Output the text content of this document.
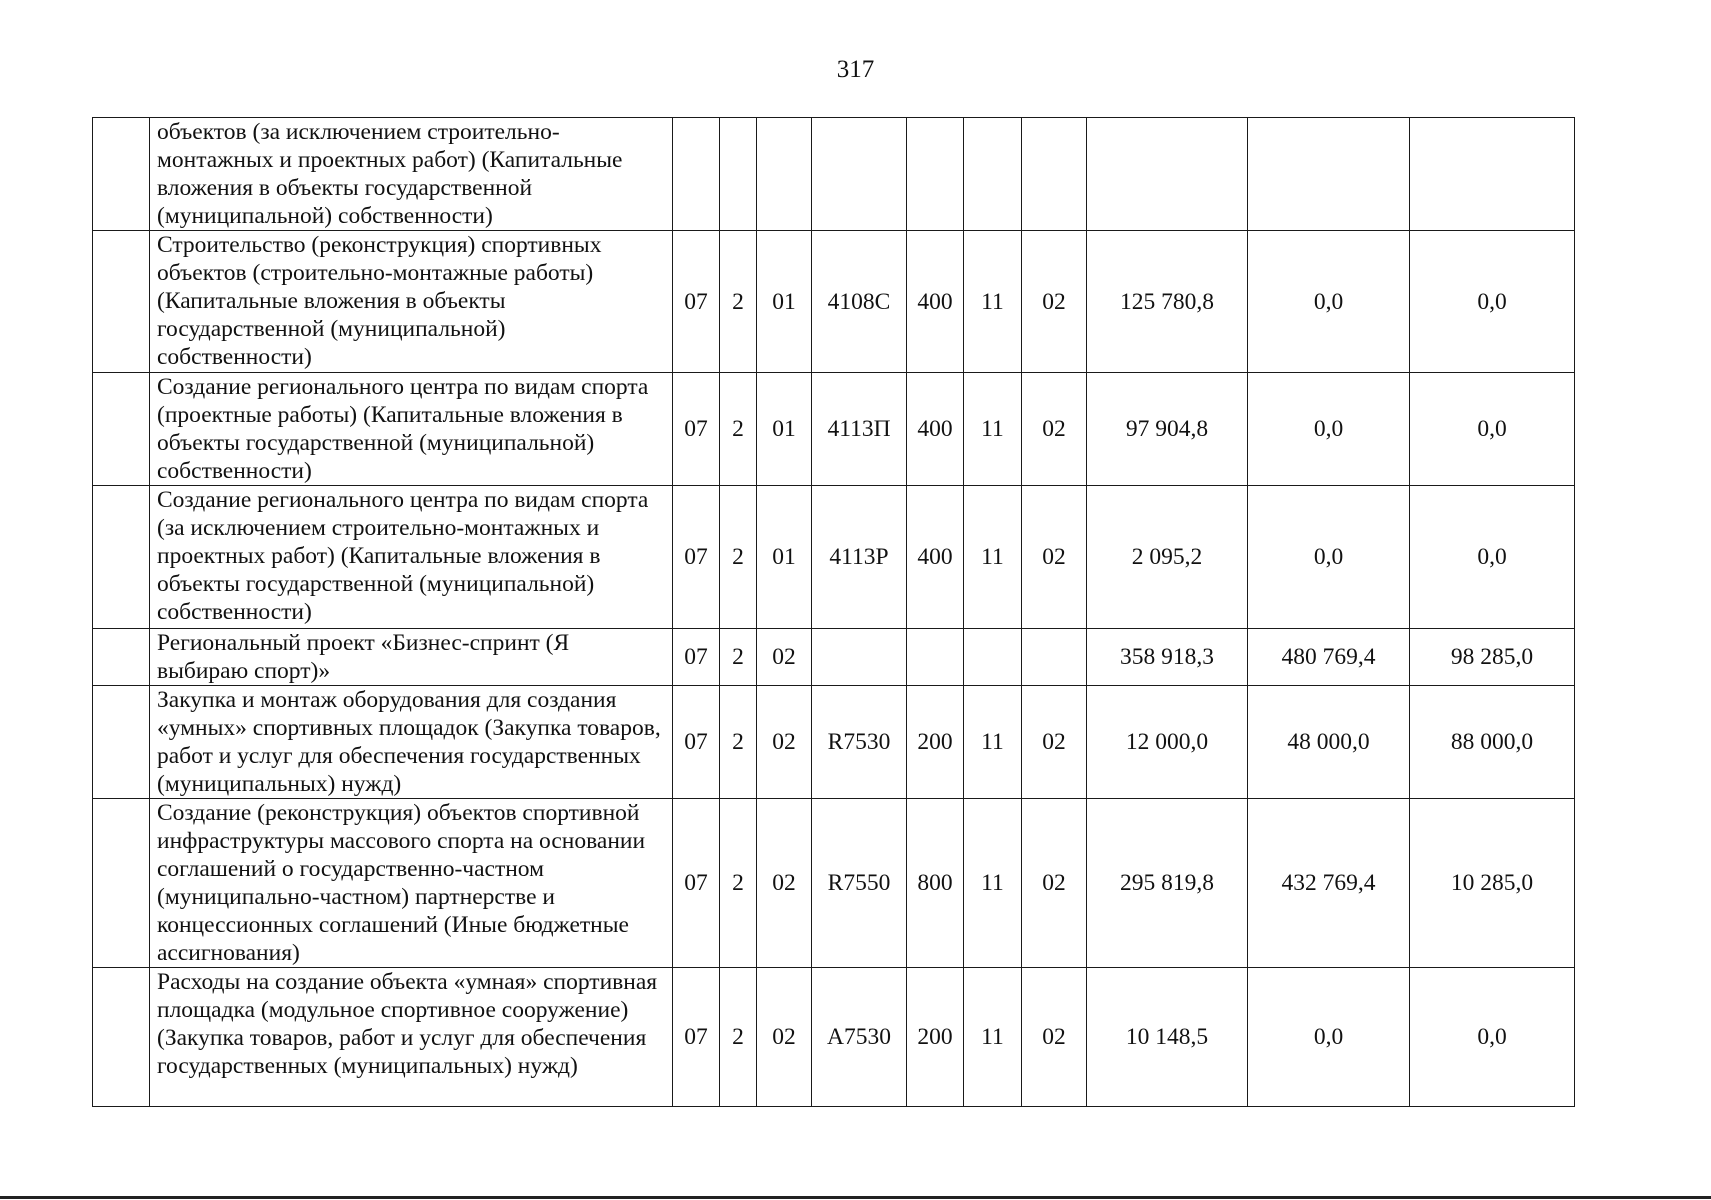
317
	объектов (за исключением строительно-монтажных и проектных работ) (Капитальные вложения в объекты государственной (муниципальной) собственности)										
	Строительство (реконструкция) спортивных объектов (строительно-монтажные работы) (Капитальные вложения в объекты государственной (муниципальной) собственности)	07	2	01	4108С	400	11	02	125 780,8	0,0	0,0
	Создание регионального центра по видам спорта (проектные работы) (Капитальные вложения в объекты государственной (муниципальной) собственности)	07	2	01	4113П	400	11	02	97 904,8	0,0	0,0
	Создание регионального центра по видам спорта (за исключением строительно-монтажных и проектных работ) (Капитальные вложения в объекты государственной (муниципальной) собственности)	07	2	01	4113Р	400	11	02	2 095,2	0,0	0,0
	Региональный проект «Бизнес-спринт (Я выбираю спорт)»	07	2	02					358 918,3	480 769,4	98 285,0
	Закупка и монтаж оборудования для создания «умных» спортивных площадок (Закупка товаров, работ и услуг для обеспечения государственных (муниципальных) нужд)	07	2	02	R7530	200	11	02	12 000,0	48 000,0	88 000,0
	Создание (реконструкция) объектов спортивной инфраструктуры массового спорта на основании соглашений о государственно-частном (муниципально-частном) партнерстве и концессионных соглашений (Иные бюджетные ассигнования)	07	2	02	R7550	800	11	02	295 819,8	432 769,4	10 285,0
	Расходы на создание объекта «умная» спортивная площадка (модульное спортивное сооружение) (Закупка товаров, работ и услуг для обеспечения государственных (муниципальных) нужд)	07	2	02	А7530	200	11	02	10 148,5	0,0	0,0
